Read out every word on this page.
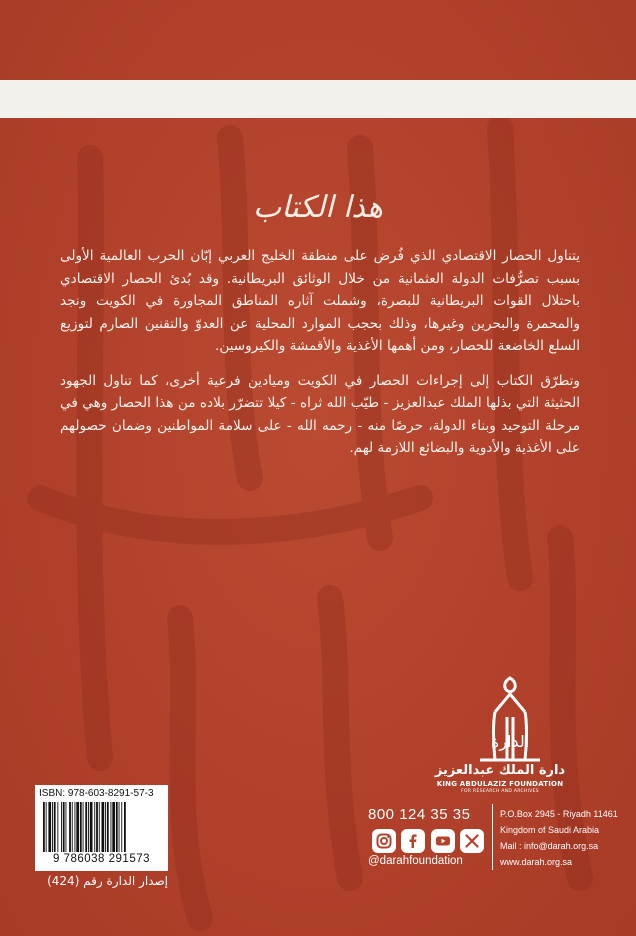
هذا الكتاب

يتناول الحصار الاقتصادي الذي فُرض على منطقة الخليج العربي إبّان الحرب العالمية الأولى بسبب تصرُّفات الدولة العثمانية من خلال الوثائق البريطانية. وقد بُدئ الحصار الاقتصادي باحتلال القوات البريطانية للبصرة، وشملت آثاره المناطق المجاورة في الكويت ونجد والمحمرة والبحرين وغيرها، وذلك بحجب الموارد المحلية عن العدوّ والتقنين الصارم لتوزيع السلع الخاضعة للحصار، ومن أهمها الأغذية والأقمشة والكيروسين.

وتطرّق الكتاب إلى إجراءات الحصار في الكويت وميادين فرعية أخرى، كما تناول الجهود الحثيثة التي بذلها الملك عبدالعزيز - طيّب الله ثراه - كيلا تتضرّر بلاده من هذا الحصار وهي في مرحلة التوحيد وبناء الدولة، حرصًا منه - رحمه الله - على سلامة المواطنين وضمان حصولهم على الأغذية والأدوية والبضائع اللازمة لهم.

الدارة
دارة الملك عبدالعزيز
KING ABDULAZIZ FOUNDATION
FOR RESEARCH AND ARCHIVES
ISBN: 978-603-8291-57-3
9 786038 291573
إصدار الدارة رقم (424)
800 124 35 35
@darahfoundation
P.O.Box 2945 - Riyadh 11461
Kingdom of Saudi Arabia
Mail : info@darah.org.sa
www.darah.org.sa
